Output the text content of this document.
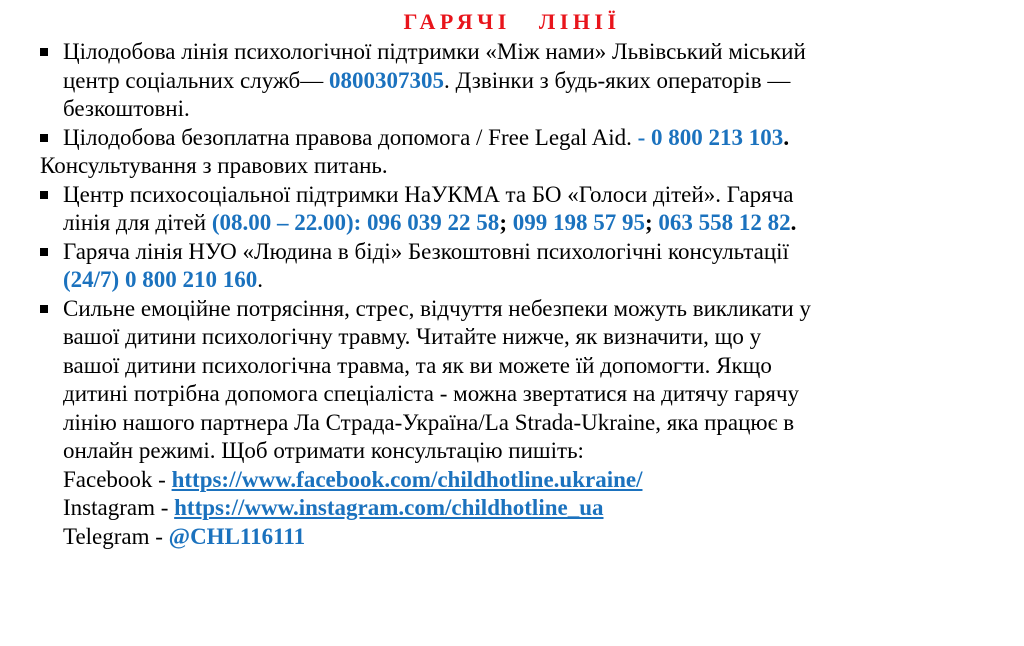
ГАРЯЧІ ЛІНІЇ

Цілодобова лінія психологічної підтримки «Між нами» Львівський міський

центр соціальних служб— 0800307305. Дзвінки з будь-яких операторів —

безкоштовні.

Цілодобова безоплатна правова допомога / Free Legal Aid. - 0 800 213 103.

Консультування з правових питань.

Центр психосоціальної підтримки НаУКМА та БО «Голоси дітей». Гаряча

лінія для дітей (08.00 – 22.00): 096 039 22 58; 099 198 57 95; 063 558 12 82.

Гаряча лінія НУО «Людина в біді» Безкоштовні психологічні консультації

(24/7) 0 800 210 160.

Сильне емоційне потрясіння, стрес, відчуття небезпеки можуть викликати у

вашої дитини психологічну травму. Читайте нижче, як визначити, що у

вашої дитини психологічна травма, та як ви можете їй допомогти. Якщо

дитині потрібна допомога спеціаліста - можна звертатися на дитячу гарячу

лінію нашого партнера Ла Страда-Україна/La Strada-Ukraine, яка працює в

онлайн режимі. Щоб отримати консультацію пишіть:

Facebook - https://www.facebook.com/childhotline.ukraine/

Instagram - https://www.instagram.com/childhotline_ua

Telegram - @CHL116111
